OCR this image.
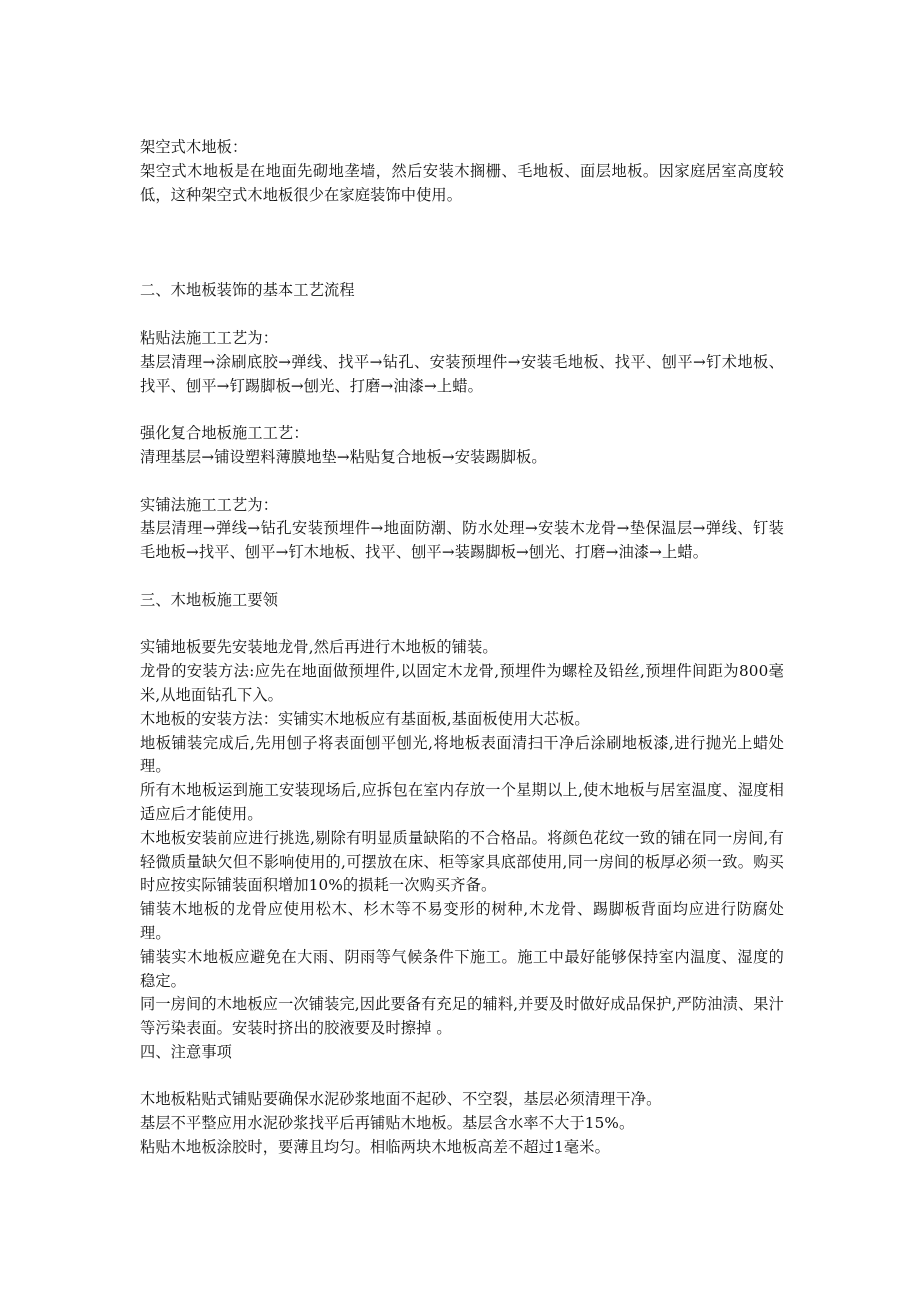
架空式木地板：

架空式木地板是在地面先砌地垄墙，然后安装木搁栅、毛地板、面层地板。因家庭居室高度较低，这种架空式木地板很少在家庭装饰中使用。

二、木地板装饰的基本工艺流程

粘贴法施工工艺为：

基层清理→涂刷底胶→弹线、找平→钻孔、安装预埋件→安装毛地板、找平、刨平→钉术地板、找平、刨平→钉踢脚板→刨光、打磨→油漆→上蜡。

强化复合地板施工工艺：

清理基层→铺设塑料薄膜地垫→粘贴复合地板→安装踢脚板。

实铺法施工工艺为：

基层清理→弹线→钻孔安装预埋件→地面防潮、防水处理→安装木龙骨→垫保温层→弹线、钉装毛地板→找平、刨平→钉木地板、找平、刨平→装踢脚板→刨光、打磨→油漆→上蜡。

三、木地板施工要领

实铺地板要先安装地龙骨,然后再进行木地板的铺装。

龙骨的安装方法:应先在地面做预埋件,以固定木龙骨,预埋件为螺栓及铅丝,预埋件间距为800毫米,从地面钻孔下入。

木地板的安装方法：实铺实木地板应有基面板,基面板使用大芯板。

地板铺装完成后,先用刨子将表面刨平刨光,将地板表面清扫干净后涂刷地板漆,进行抛光上蜡处理。

所有木地板运到施工安装现场后,应拆包在室内存放一个星期以上,使木地板与居室温度、湿度相适应后才能使用。

木地板安装前应进行挑选,剔除有明显质量缺陷的不合格品。将颜色花纹一致的铺在同一房间,有轻微质量缺欠但不影响使用的,可摆放在床、柜等家具底部使用,同一房间的板厚必须一致。购买时应按实际铺装面积增加10%的损耗一次购买齐备。

铺装木地板的龙骨应使用松木、杉木等不易变形的树种,木龙骨、踢脚板背面均应进行防腐处理。

铺装实木地板应避免在大雨、阴雨等气候条件下施工。施工中最好能够保持室内温度、湿度的稳定。

同一房间的木地板应一次铺装完,因此要备有充足的辅料,并要及时做好成品保护,严防油渍、果汁等污染表面。安装时挤出的胶液要及时擦掉 。

四、注意事项

木地板粘贴式铺贴要确保水泥砂浆地面不起砂、不空裂，基层必须清理干净。

基层不平整应用水泥砂浆找平后再铺贴木地板。基层含水率不大于15%。

粘贴木地板涂胶时，要薄且均匀。相临两块木地板高差不超过1毫米。
